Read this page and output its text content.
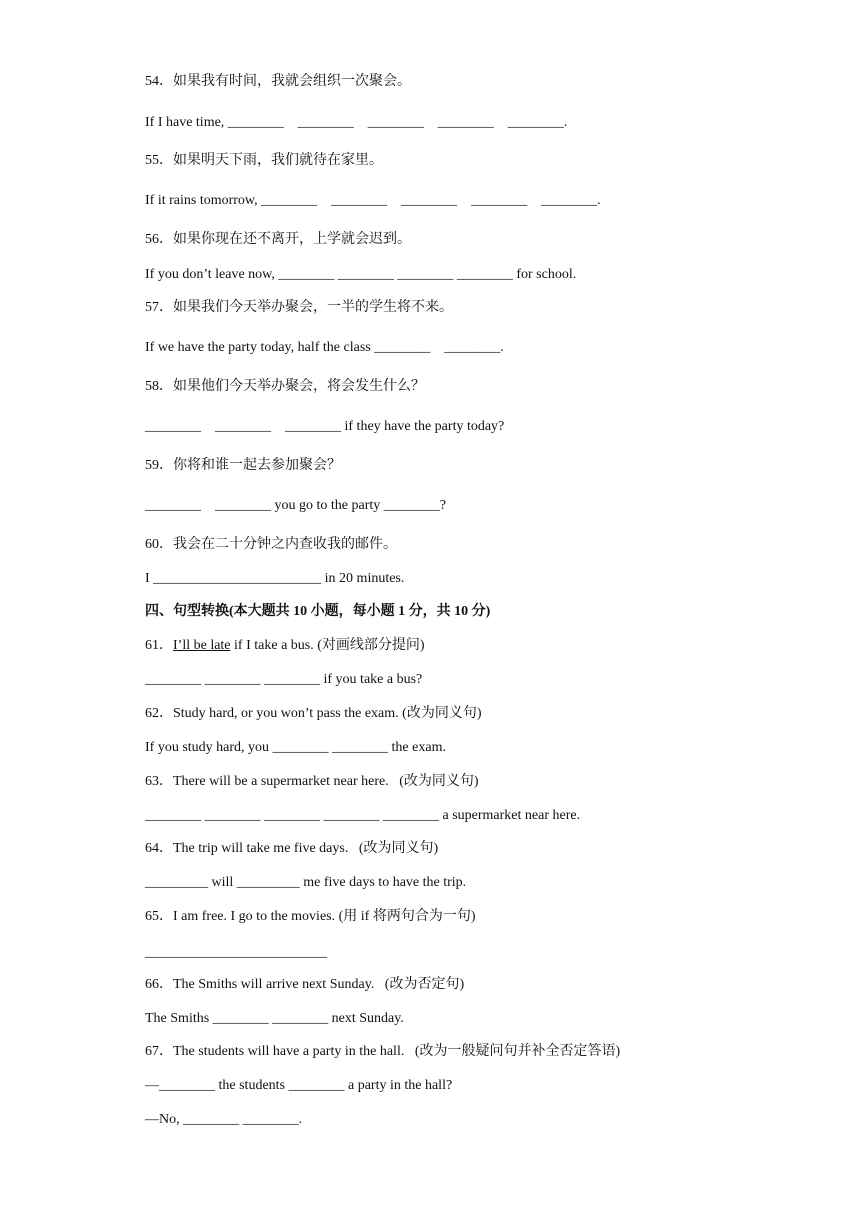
54．如果我有时间，我就会组织一次聚会。
If I have time, ________    ________    ________    ________    ________.
55．如果明天下雨，我们就待在家里。
If it rains tomorrow, ________    ________    ________    ________    ________.
56．如果你现在还不离开，上学就会迟到。
If you don’t leave now, ________ ________ ________ ________ for school.
57．如果我们今天举办聚会，一半的学生将不来。
If we have the party today, half the class ________    ________.
58．如果他们今天举办聚会，将会发生什么？
________    ________    ________ if they have the party today?
59．你将和谁一起去参加聚会？
________    ________ you go to the party ________?
60．我会在二十分钟之内查收我的邮件。
I ________________________ in 20 minutes.
四、句型转换(本大题共 10 小题，每小题 1 分，共 10 分)
61．I’ll be late if I take a bus. (对画线部分提问)
________ ________ ________ if you take a bus?
62．Study hard, or you won’t pass the exam. (改为同义句)
If you study hard, you ________ ________ the exam.
63．There will be a supermarket near here.   (改为同义句)
________ ________ ________ ________ ________ a supermarket near here.
64．The trip will take me five days.   (改为同义句)
_________ will _________ me five days to have the trip.
65．I am free. I go to the movies. (用 if 将两句合为一句)
__________________________
66．The Smiths will arrive next Sunday.   (改为否定句)
The Smiths ________ ________ next Sunday.
67．The students will have a party in the hall.   (改为一般疑问句并补全否定答语)
—________ the students ________ a party in the hall?
—No, ________ ________.
